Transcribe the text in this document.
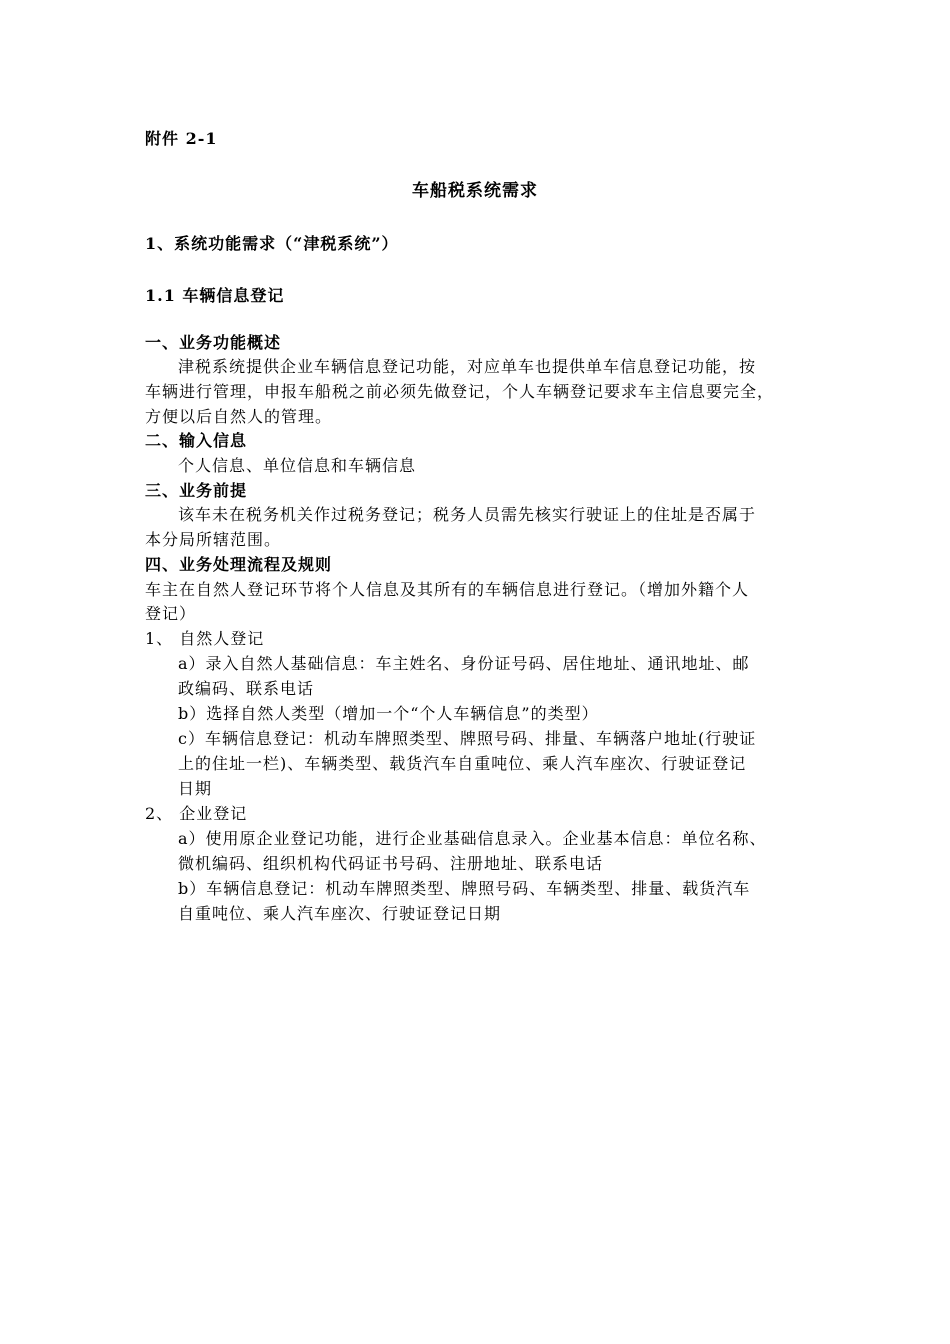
附件 2-1
车船税系统需求
1、系统功能需求（“津税系统”）
1.1 车辆信息登记
一、业务功能概述
津税系统提供企业车辆信息登记功能，对应单车也提供单车信息登记功能，按
车辆进行管理，申报车船税之前必须先做登记，个人车辆登记要求车主信息要完全，
方便以后自然人的管理。
二、输入信息
个人信息、单位信息和车辆信息
三、业务前提
该车未在税务机关作过税务登记；税务人员需先核实行驶证上的住址是否属于
本分局所辖范围。
四、业务处理流程及规则
车主在自然人登记环节将个人信息及其所有的车辆信息进行登记。（增加外籍个人
登记）
1、 自然人登记
a）录入自然人基础信息：车主姓名、身份证号码、居住地址、通讯地址、邮
政编码、联系电话
b）选择自然人类型（增加一个“个人车辆信息”的类型）
c）车辆信息登记：机动车牌照类型、牌照号码、排量、车辆落户地址(行驶证
上的住址一栏)、车辆类型、载货汽车自重吨位、乘人汽车座次、行驶证登记
日期
2、 企业登记
a）使用原企业登记功能，进行企业基础信息录入。企业基本信息：单位名称、
微机编码、组织机构代码证书号码、注册地址、联系电话
b）车辆信息登记：机动车牌照类型、牌照号码、车辆类型、排量、载货汽车
自重吨位、乘人汽车座次、行驶证登记日期
